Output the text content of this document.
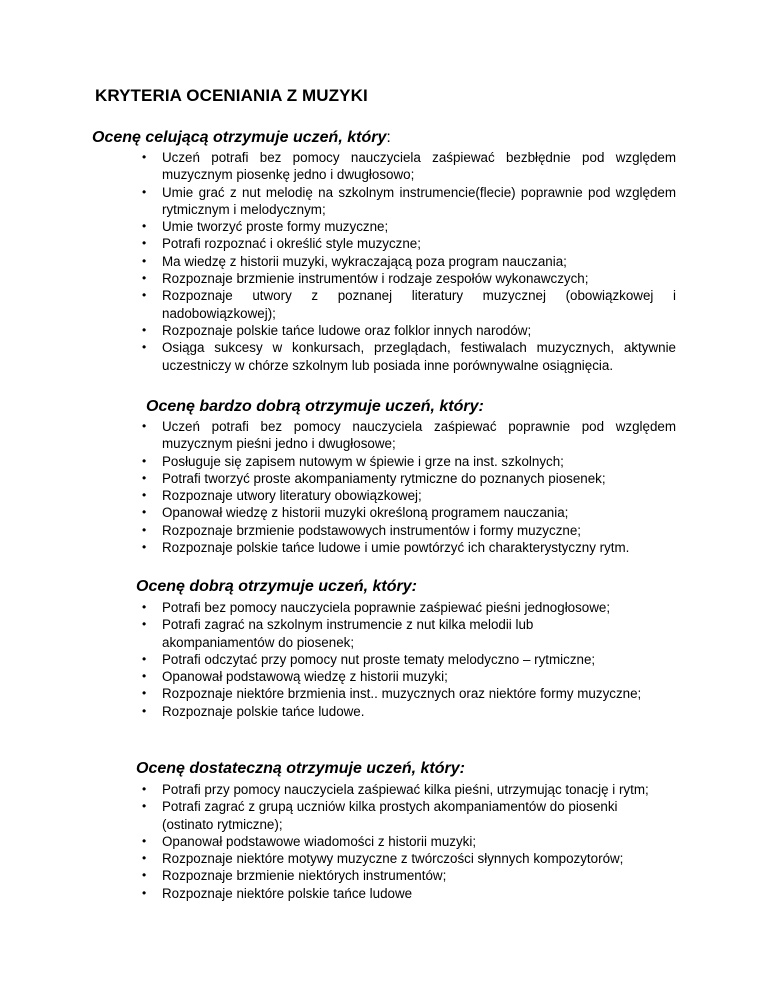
KRYTERIA OCENIANIA Z MUZYKI
Ocenę celującą otrzymuje uczeń, który:
• Uczeń potrafi bez pomocy nauczyciela zaśpiewać bezbłędnie pod względem muzycznym piosenkę jedno i dwugłosowo;
• Umie grać z nut melodię na szkolnym instrumencie(flecie) poprawnie pod względem rytmicznym i melodycznym;
• Umie tworzyć proste formy muzyczne;
• Potrafi rozpoznać i określić style muzyczne;
• Ma wiedzę z historii muzyki, wykraczającą poza program nauczania;
• Rozpoznaje brzmienie instrumentów i rodzaje zespołów wykonawczych;
• Rozpoznaje utwory z poznanej literatury muzycznej (obowiązkowej i nadobowiązkowej);
• Rozpoznaje polskie tańce ludowe oraz folklor innych narodów;
• Osiąga sukcesy w konkursach, przeglądach, festiwalach muzycznych, aktywnie uczestniczy w chórze szkolnym lub posiada inne porównywalne osiągnięcia.
Ocenę bardzo dobrą otrzymuje uczeń, który:
• Uczeń potrafi bez pomocy nauczyciela zaśpiewać poprawnie pod względem muzycznym pieśni jedno i dwugłosowe;
• Posługuje się zapisem nutowym w śpiewie i grze na inst. szkolnych;
• Potrafi tworzyć proste akompaniamenty rytmiczne do poznanych piosenek;
• Rozpoznaje utwory literatury obowiązkowej;
• Opanował wiedzę z historii muzyki określoną programem nauczania;
• Rozpoznaje brzmienie podstawowych instrumentów i formy muzyczne;
• Rozpoznaje polskie tańce ludowe i umie powtórzyć ich charakterystyczny rytm.
Ocenę dobrą otrzymuje uczeń, który:
• Potrafi bez pomocy nauczyciela poprawnie zaśpiewać pieśni jednogłosowe;
• Potrafi zagrać na szkolnym instrumencie z nut kilka melodii lub akompaniamentów do piosenek;
• Potrafi odczytać przy pomocy nut proste tematy melodyczno – rytmiczne;
• Opanował podstawową wiedzę z historii muzyki;
• Rozpoznaje niektóre brzmienia inst.. muzycznych oraz niektóre formy muzyczne;
• Rozpoznaje polskie tańce ludowe.
Ocenę dostateczną otrzymuje uczeń, który:
• Potrafi przy pomocy nauczyciela zaśpiewać kilka pieśni, utrzymując tonację i rytm;
• Potrafi zagrać z grupą uczniów kilka prostych akompaniamentów do piosenki (ostinato rytmiczne);
• Opanował podstawowe wiadomości z historii muzyki;
• Rozpoznaje niektóre motywy muzyczne z twórczości słynnych kompozytorów;
• Rozpoznaje brzmienie niektórych instrumentów;
• Rozpoznaje niektóre polskie tańce ludowe
